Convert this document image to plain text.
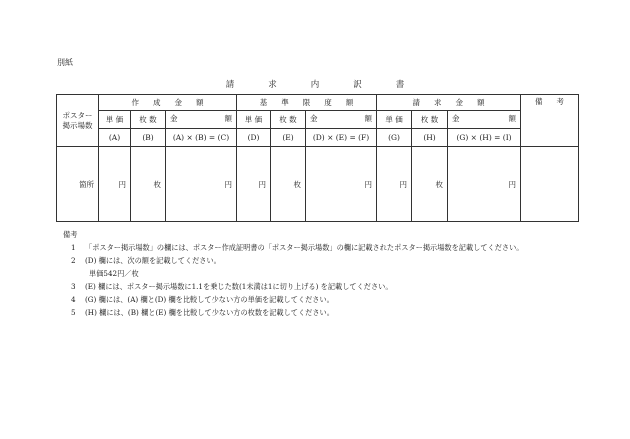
別紙
請	求	内	訳	書
ポスター掲示場数	作 成 金 額			基 準 限 度 額			請 求 金 額			備 考
	単 価	枚 数	金 額	単 価	枚 数	金 額	単 価	枚 数	金 額	

	(A)	(B)	(A) × (B) = (C)	(D)	(E)	(D) × (E) = (F)	(G)	(H)	(G) × (H) = (I)	
箇所	円	枚	円	円	枚	円	円	枚	円	
備考
1	「ポスター掲示場数」の欄には、ポスター作成証明書の「ポスター掲示場数」の欄に記載されたポスター掲示場数を記載してください。
2	(D) 欄には、次の額を記載してください。
単価542円／枚
3	(E) 欄には、ポスター掲示場数に1.1を乗じた数(1未満は1に切り上げる) を記載してください。
4	(G) 欄には、(A) 欄と(D) 欄を比較して少ない方の単価を記載してください。
5	(H) 欄には、(B) 欄と(E) 欄を比較して少ない方の枚数を記載してください。
